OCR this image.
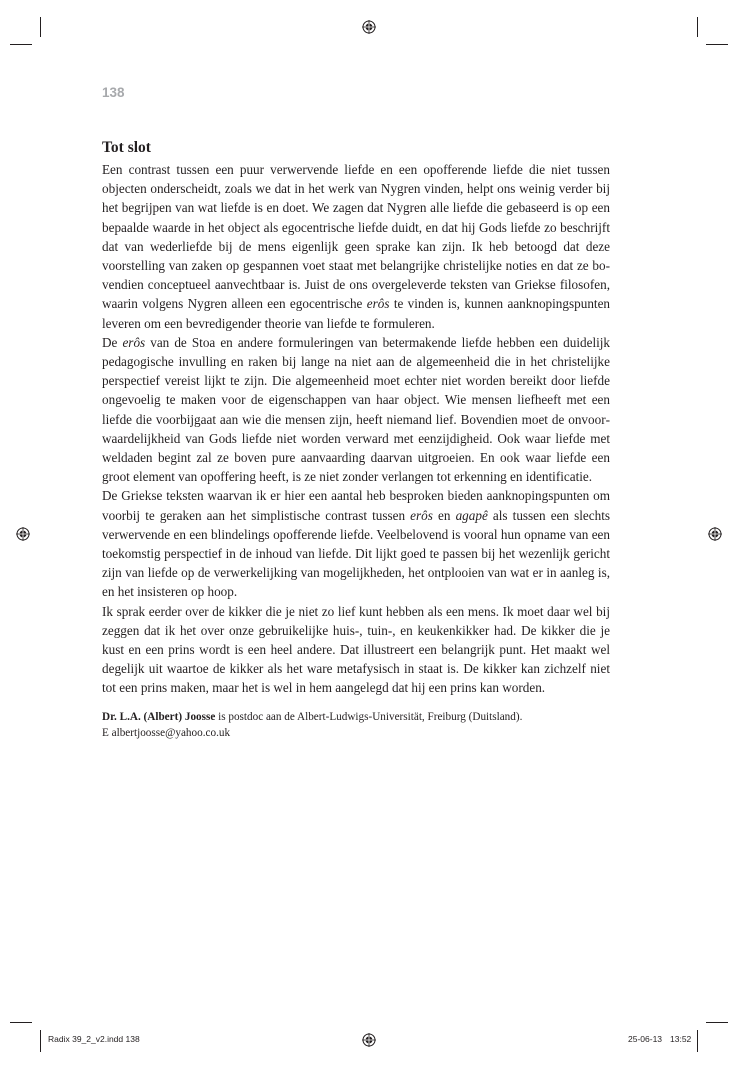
138
Tot slot

Een contrast tussen een puur verwervende liefde en een opofferende liefde die niet tussen objecten onderscheidt, zoals we dat in het werk van Nygren vinden, helpt ons weinig verder bij het begrijpen van wat liefde is en doet. We zagen dat Nygren alle liefde die gebaseerd is op een bepaalde waarde in het object als egocentrische liefde duidt, en dat hij Gods liefde zo beschrijft dat van wederliefde bij de mens eigenlijk geen sprake kan zijn. Ik heb betoogd dat deze voorstelling van zaken op gespannen voet staat met belangrijke christelijke noties en dat ze bovendien conceptueel aanvechtbaar is. Juist de ons overgeleverde teksten van Griekse filosofen, waarin volgens Nygren alleen een egocentrische erôs te vinden is, kunnen aanknopingspunten leveren om een bevredigender theorie van liefde te formuleren.

De erôs van de Stoa en andere formuleringen van betermakende liefde hebben een duidelijk pedagogische invulling en raken bij lange na niet aan de algemeenheid die in het christelijke perspectief vereist lijkt te zijn. Die algemeenheid moet echter niet worden bereikt door liefde ongevoelig te maken voor de eigenschappen van haar object. Wie mensen liefheeft met een liefde die voorbijgaat aan wie die mensen zijn, heeft niemand lief. Bovendien moet de onvoorwaardelijkheid van Gods liefde niet worden verward met eenzijdigheid. Ook waar liefde met weldaden begint zal ze boven pure aanvaarding daarvan uitgroeien. En ook waar liefde een groot element van opoffering heeft, is ze niet zonder verlangen tot erkenning en identificatie.

De Griekse teksten waarvan ik er hier een aantal heb besproken bieden aanknopingspunten om voorbij te geraken aan het simplistische contrast tussen erôs en agapê als tussen een slechts verwervende en een blindelings opofferende liefde. Veelbelovend is vooral hun opname van een toekomstig perspectief in de inhoud van liefde. Dit lijkt goed te passen bij het wezenlijk gericht zijn van liefde op de verwerkelijking van mogelijkheden, het ontplooien van wat er in aanleg is, en het insisteren op hoop.

Ik sprak eerder over de kikker die je niet zo lief kunt hebben als een mens. Ik moet daar wel bij zeggen dat ik het over onze gebruikelijke huis-, tuin-, en keukenkikker had. De kikker die je kust en een prins wordt is een heel andere. Dat illustreert een belangrijk punt. Het maakt wel degelijk uit waartoe de kikker als het ware metafysisch in staat is. De kikker kan zichzelf niet tot een prins maken, maar het is wel in hem aangelegd dat hij een prins kan worden.

Dr. L.A. (Albert) Joosse is postdoc aan de Albert-Ludwigs-Universität, Freiburg (Duitsland).
E albertjoosse@yahoo.co.uk
Radix 39_2_v2.indd 138	25-06-13 13:52
